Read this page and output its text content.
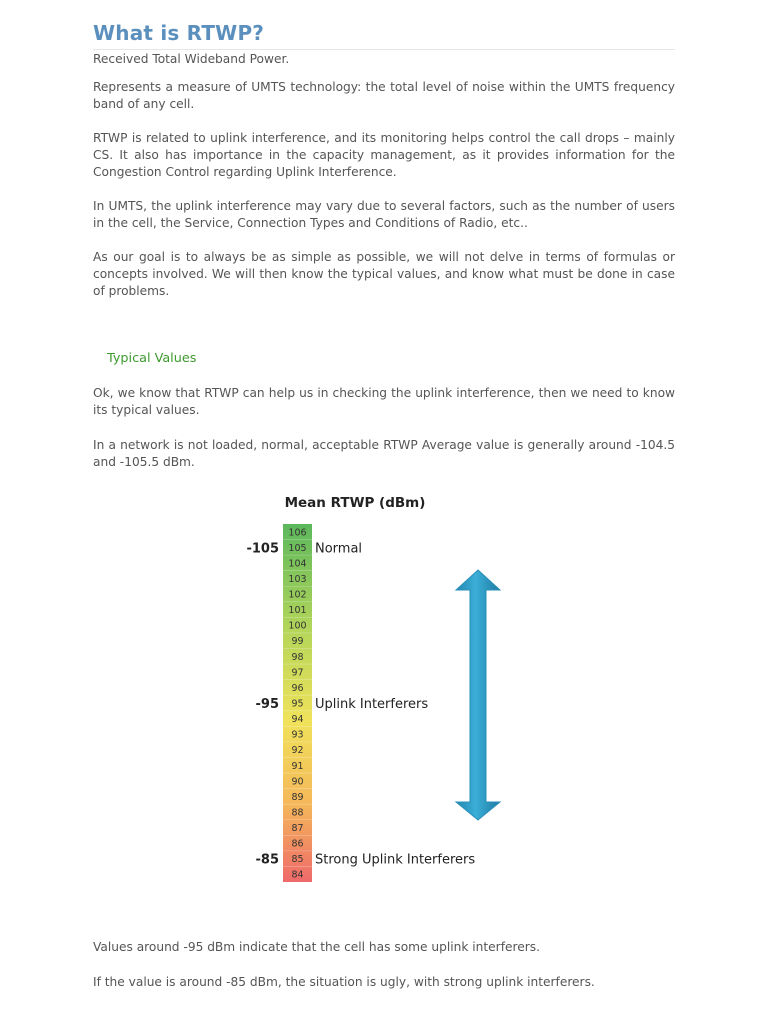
What is RTWP?

Received Total Wideband Power.

Represents a measure of UMTS technology: the total level of noise within the UMTS frequency band of any cell.

RTWP is related to uplink interference, and its monitoring helps control the call drops – mainly CS. It also has importance in the capacity management, as it provides information for the Congestion Control regarding Uplink Interference.

In UMTS, the uplink interference may vary due to several factors, such as the number of users in the cell, the Service, Connection Types and Conditions of Radio, etc..

As our goal is to always be as simple as possible, we will not delve in terms of formulas or concepts involved. We will then know the typical values, and know what must be done in case of problems.

Typical Values

Ok, we know that RTWP can help us in checking the uplink interference, then we need to know its typical values.

In a network is not loaded, normal, acceptable RTWP Average value is generally around -104.5 and -105.5 dBm.

Values around -95 dBm indicate that the cell has some uplink interferers.

If the value is around -85 dBm, the situation is ugly, with strong uplink interferers.

Mean RTWP (dBm)
106
105
104
103
102
101
100
99
98
97
96
95
94
93
92
91
90
89
88
87
86
85
84
-105	Normal
-95	Uplink Interferers
-85	Strong Uplink Interferers
